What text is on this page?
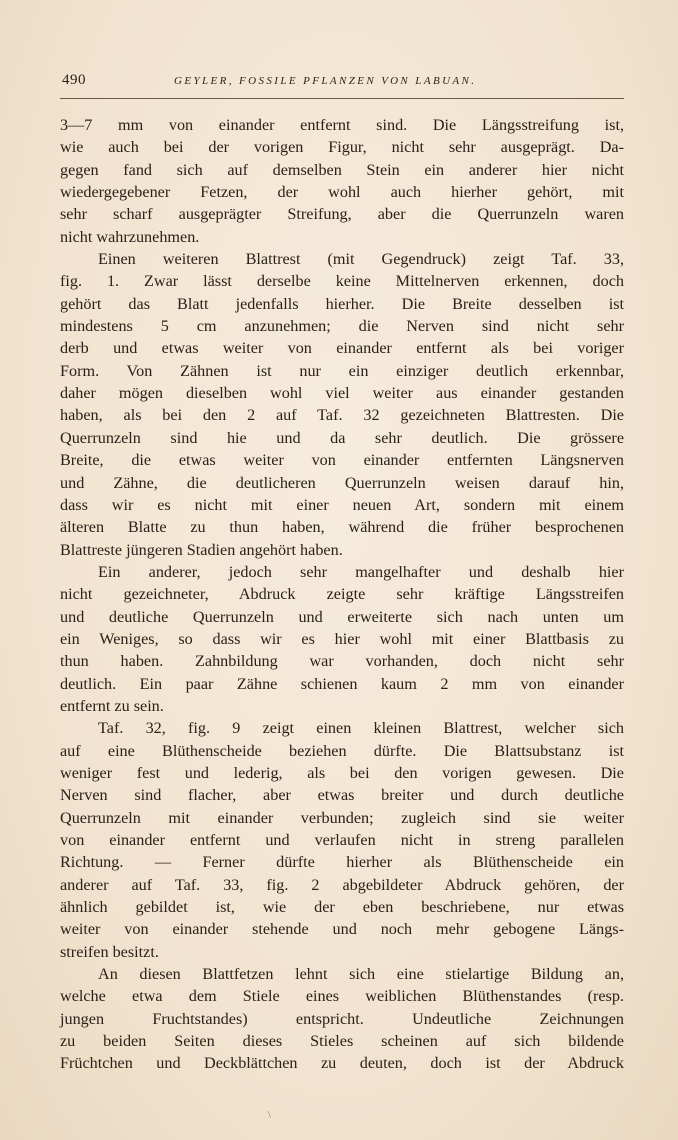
490	GEYLER, FOSSILE PFLANZEN VON LABUAN.
3—7 mm von einander entfernt sind. Die Längsstreifung ist,
wie auch bei der vorigen Figur, nicht sehr ausgeprägt. Da-
gegen fand sich auf demselben Stein ein anderer hier nicht
wiedergegebener Fetzen, der wohl auch hierher gehört, mit
sehr scharf ausgeprägter Streifung, aber die Querrunzeln waren
nicht wahrzunehmen.
Einen weiteren Blattrest (mit Gegendruck) zeigt Taf. 33,
fig. 1. Zwar lässt derselbe keine Mittelnerven erkennen, doch
gehört das Blatt jedenfalls hierher. Die Breite desselben ist
mindestens 5 cm anzunehmen; die Nerven sind nicht sehr
derb und etwas weiter von einander entfernt als bei voriger
Form. Von Zähnen ist nur ein einziger deutlich erkennbar,
daher mögen dieselben wohl viel weiter aus einander gestanden
haben, als bei den 2 auf Taf. 32 gezeichneten Blattresten. Die
Querrunzeln sind hie und da sehr deutlich. Die grössere
Breite, die etwas weiter von einander entfernten Längsnerven
und Zähne, die deutlicheren Querrunzeln weisen darauf hin,
dass wir es nicht mit einer neuen Art, sondern mit einem
älteren Blatte zu thun haben, während die früher besprochenen
Blattreste jüngeren Stadien angehört haben.
Ein anderer, jedoch sehr mangelhafter und deshalb hier
nicht gezeichneter, Abdruck zeigte sehr kräftige Längsstreifen
und deutliche Querrunzeln und erweiterte sich nach unten um
ein Weniges, so dass wir es hier wohl mit einer Blattbasis zu
thun haben. Zahnbildung war vorhanden, doch nicht sehr
deutlich. Ein paar Zähne schienen kaum 2 mm von einander
entfernt zu sein.
Taf. 32, fig. 9 zeigt einen kleinen Blattrest, welcher sich
auf eine Blüthenscheide beziehen dürfte. Die Blattsubstanz ist
weniger fest und lederig, als bei den vorigen gewesen. Die
Nerven sind flacher, aber etwas breiter und durch deutliche
Querrunzeln mit einander verbunden; zugleich sind sie weiter
von einander entfernt und verlaufen nicht in streng parallelen
Richtung. — Ferner dürfte hierher als Blüthenscheide ein
anderer auf Taf. 33, fig. 2 abgebildeter Abdruck gehören, der
ähnlich gebildet ist, wie der eben beschriebene, nur etwas
weiter von einander stehende und noch mehr gebogene Längs-
streifen besitzt.
An diesen Blattfetzen lehnt sich eine stielartige Bildung an,
welche etwa dem Stiele eines weiblichen Blüthenstandes (resp.
jungen Fruchtstandes) entspricht. Undeutliche Zeichnungen
zu beiden Seiten dieses Stieles scheinen auf sich bildende
Früchtchen und Deckblättchen zu deuten, doch ist der Abdruck
\
